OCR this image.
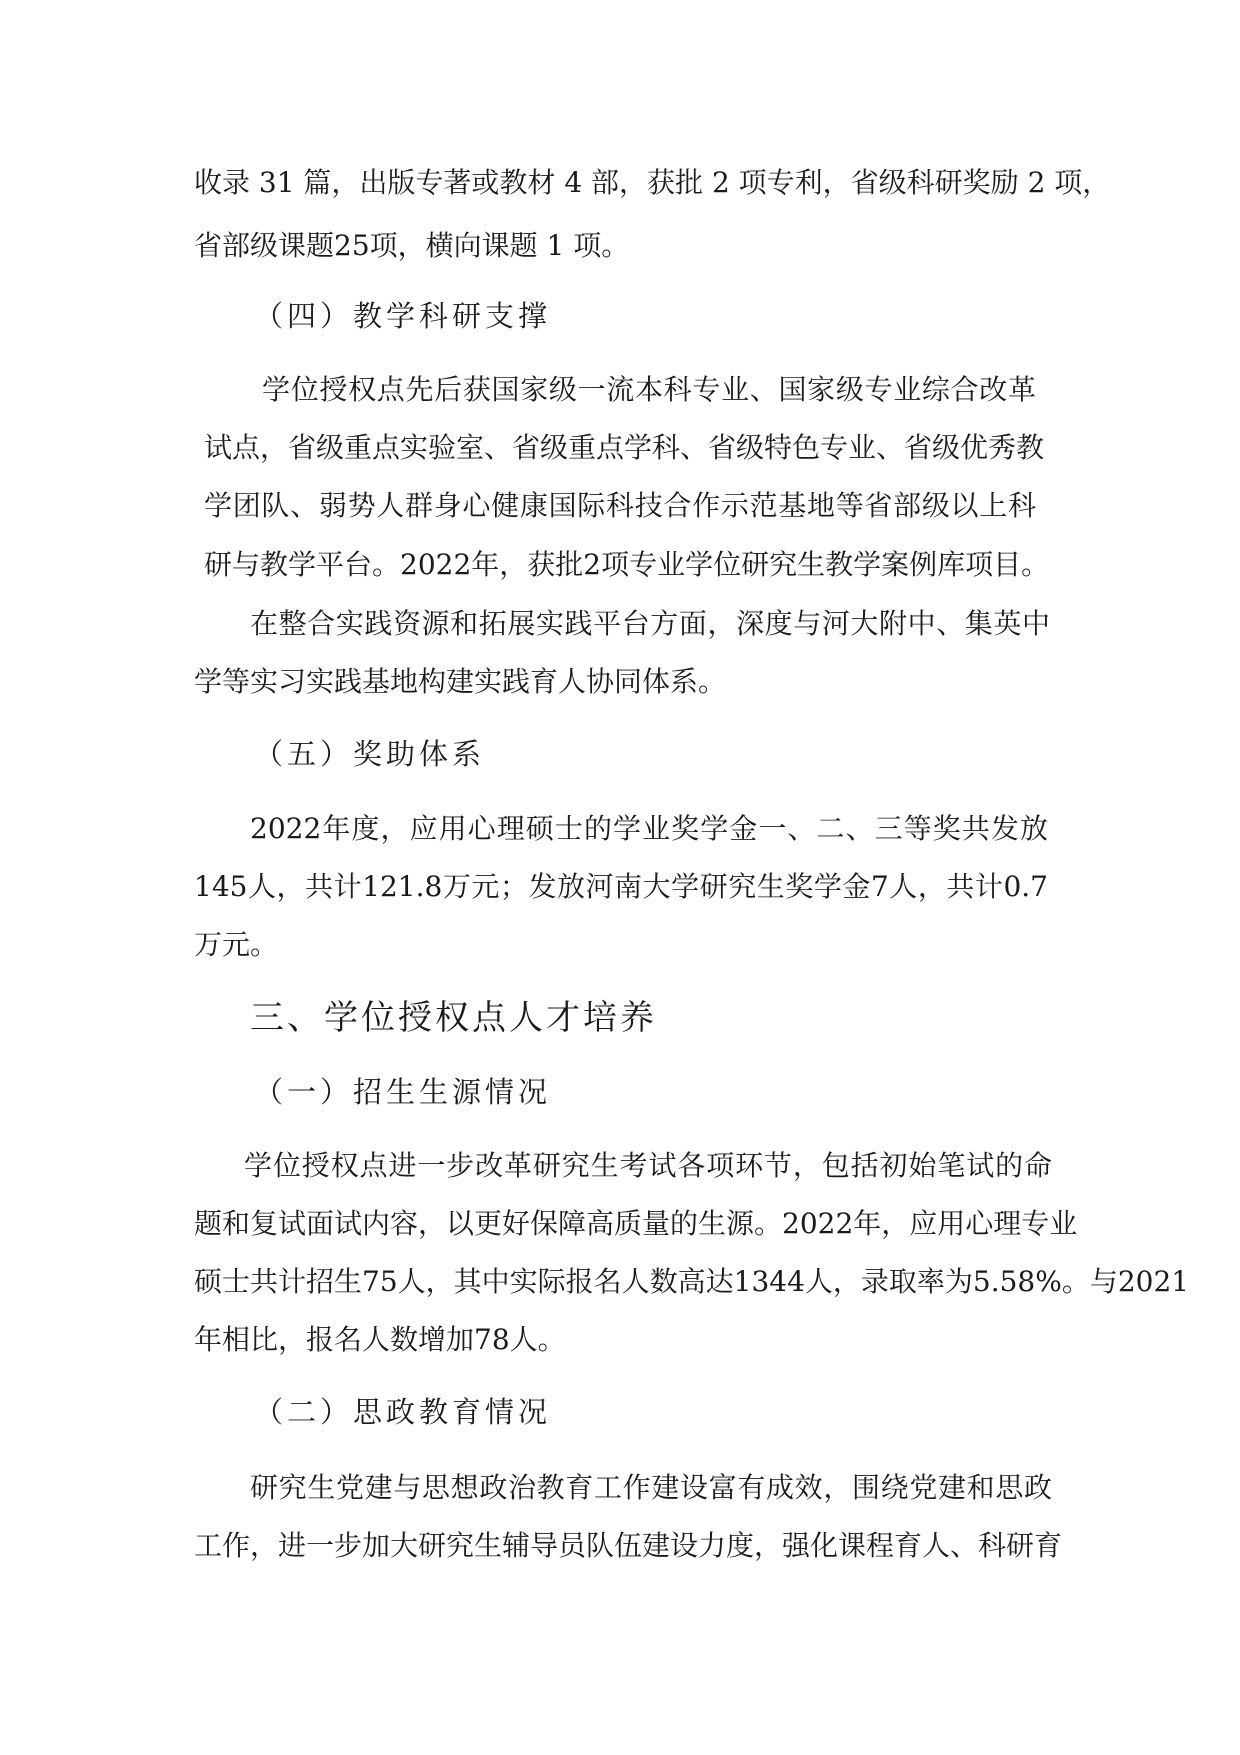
收录 31 篇，出版专著或教材 4 部，获批 2 项专利，省级科研奖励 2 项，

省部级课题25项，横向课题 1 项。

（四）教学科研支撑

学位授权点先后获国家级一流本科专业、国家级专业综合改革

试点，省级重点实验室、省级重点学科、省级特色专业、省级优秀教

学团队、弱势人群身心健康国际科技合作示范基地等省部级以上科

研与教学平台。2022年，获批2项专业学位研究生教学案例库项目。

在整合实践资源和拓展实践平台方面，深度与河大附中、集英中

学等实习实践基地构建实践育人协同体系。

（五）奖助体系

2022年度，应用心理硕士的学业奖学金一、二、三等奖共发放

145人，共计121.8万元；发放河南大学研究生奖学金7人，共计0.7

万元。

三、学位授权点人才培养

（一）招生生源情况

学位授权点进一步改革研究生考试各项环节，包括初始笔试的命

题和复试面试内容，以更好保障高质量的生源。2022年，应用心理专业

硕士共计招生75人，其中实际报名人数高达1344人，录取率为5.58%。与2021

年相比，报名人数增加78人。

（二）思政教育情况

研究生党建与思想政治教育工作建设富有成效，围绕党建和思政

工作，进一步加大研究生辅导员队伍建设力度，强化课程育人、科研育
